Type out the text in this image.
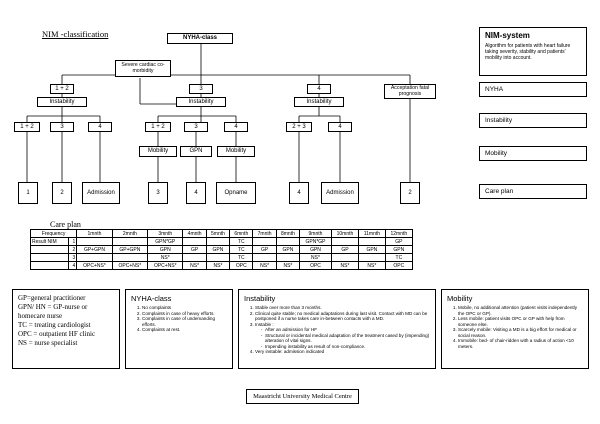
NIM -classification	NYHA-class
Severe cardiac co-morbidity
1 + 2	3	4	Acceptation fatal prognosis
Instability	Instability	Instability
1 + 2	3	4	1 + 2	3	4	2 + 3	4
Mobility	GPN	Mobility
1	2	Admission	3	4	Opname	4	Admission	2
NIM-system
Algorithm for patients with heart failure taking severity, stability and patients' mobility into account.
NYHA
Instability
Mobility
Care plan
Care plan
Frequency		1mnth	2mnth	3mnth	4mnth	5mnth	6mnth	7mnth	8mnth	9mnth	10mnth	11mnth	12mnth
Result NIM	1			GPN*GP			TC			GPN*GP			GP
	2	GP+GPN	GP+GPN	GPN	GP	GPN	TC	GP	GPN	GPN	GP	GPN	GPN
	3			NS*			TC			NS*			TC
	4	OPC+NS*	OPC+NS*	OPC+NS*	NS*	NS*	OPC	NS*	NS*	OPC	NS*	NS*	OPC
GP=general practitioner
GPN/ HN = GP-nurse or homecare nurse
TC = treating cardiologist
OPC = outpatient HF clinic
NS = nurse specialist
NYHA-class
1. No complaints
2. Complaints in case of heavy efforts.
3. Complaints in case of undemanding efforts.
4. Complaints at rest.
Instability
1. Stable over more than 3 months.
2. Clinical quite stable; no medical adaptations during last visit. Contact with MD can be postponed if a nurse takes care in-between contacts with a MD.
3. Instable :
- After an admission for HF
- Structural or incidental medical adaptation of the treatment cased by (impending) alteration of vital signs.
- Impending instability as result of non-compliance.
4. Very instable: admission indicated
Mobility
1. Mobile, no additional attention (patient visits independently the OPC or GP).
2. Less mobile: patient visits OPC or GP with help from someone else.
3. Scarcely mobile: Visiting a MD is a big effort for medical or social reason.
4. Immobile: bed- of chair-ridden with a radius of action <10 meters.
Maastricht University Medical Centre
